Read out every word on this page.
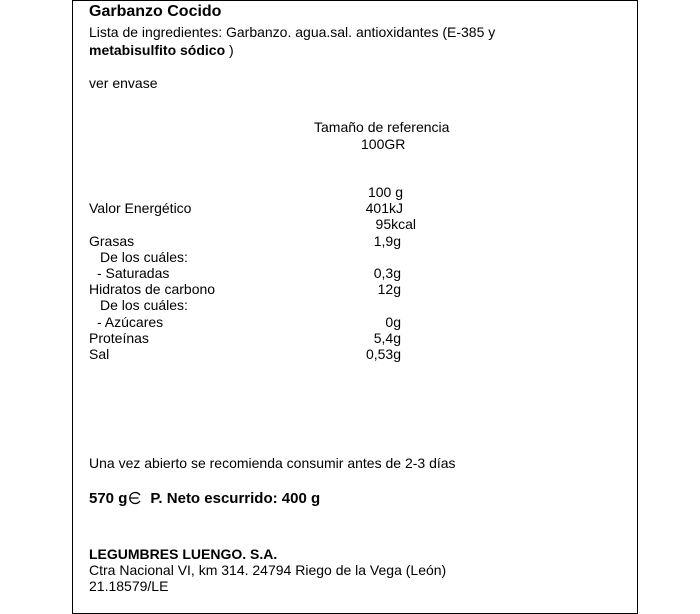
Garbanzo Cocido
Lista de ingredientes: Garbanzo. agua.sal. antioxidantes (E-385 y
metabisulfito sódico )
ver envase
Tamaño de referencia
100GR
100 g
Valor Energético	401kJ
95kcal
Grasas	1,9g
De los cuáles:
- Saturadas	0,3g
Hidratos de carbono	12g
De los cuáles:
- Azúcares	0g
Proteínas	5,4g
Sal	0,53g
Una vez abierto se recomienda consumir antes de 2-3 días
570 g P. Neto escurrido: 400 g
LEGUMBRES LUENGO. S.A.
Ctra Nacional VI, km 314. 24794 Riego de la Vega (León)
21.18579/LE
